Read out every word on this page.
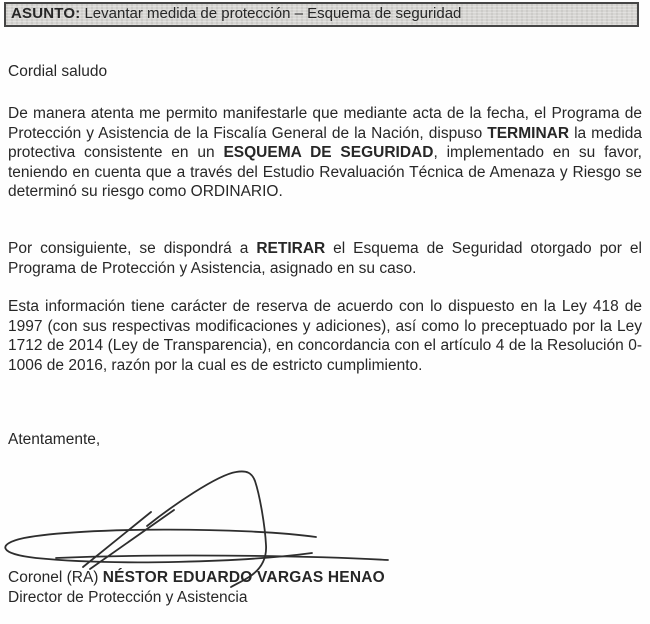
ASUNTO: Levantar medida de protección – Esquema de seguridad

Cordial saludo

De manera atenta me permito manifestarle que mediante acta de la fecha, el Programa de Protección y Asistencia de la Fiscalía General de la Nación, dispuso TERMINAR la medida protectiva consistente en un ESQUEMA DE SEGURIDAD, implementado en su favor, teniendo en cuenta que a través del Estudio Revaluación Técnica de Amenaza y Riesgo se determinó su riesgo como ORDINARIO.

Por consiguiente, se dispondrá a RETIRAR el Esquema de Seguridad otorgado por el Programa de Protección y Asistencia, asignado en su caso.

Esta información tiene carácter de reserva de acuerdo con lo dispuesto en la Ley 418 de 1997 (con sus respectivas modificaciones y adiciones), así como lo preceptuado por la Ley 1712 de 2014 (Ley de Transparencia), en concordancia con el artículo 4 de la Resolución 0-1006 de 2016, razón por la cual es de estricto cumplimiento.

Atentamente,

Coronel (RA) NÉSTOR EDUARDO VARGAS HENAO

Director de Protección y Asistencia
